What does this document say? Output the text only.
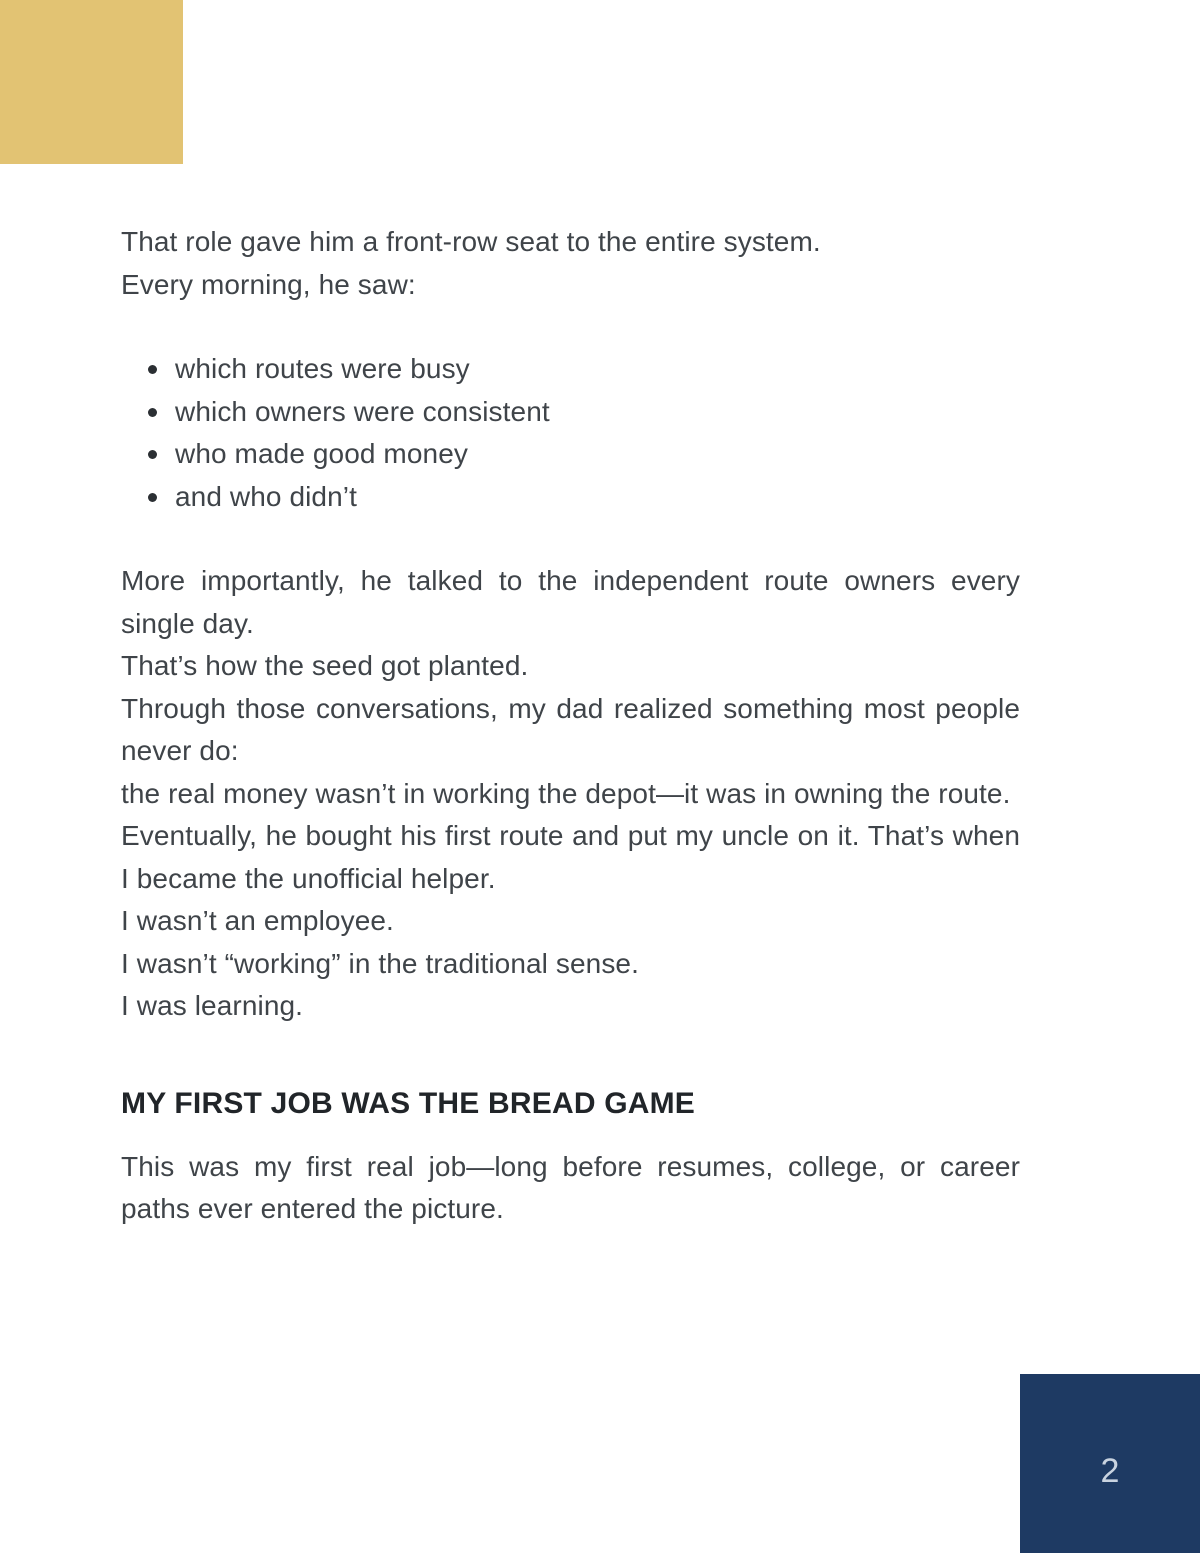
That role gave him a front-row seat to the entire system.

Every morning, he saw:

which routes were busy
which owners were consistent
who made good money
and who didn’t

More importantly, he talked to the independent route owners every single day.

That’s how the seed got planted.

Through those conversations, my dad realized something most people never do:

the real money wasn’t in working the depot—it was in owning the route.

Eventually, he bought his first route and put my uncle on it. That’s when I became the unofficial helper.

I wasn’t an employee.

I wasn’t “working” in the traditional sense.

I was learning.

MY FIRST JOB WAS THE BREAD GAME

This was my first real job—long before resumes, college, or career paths ever entered the picture.

2
